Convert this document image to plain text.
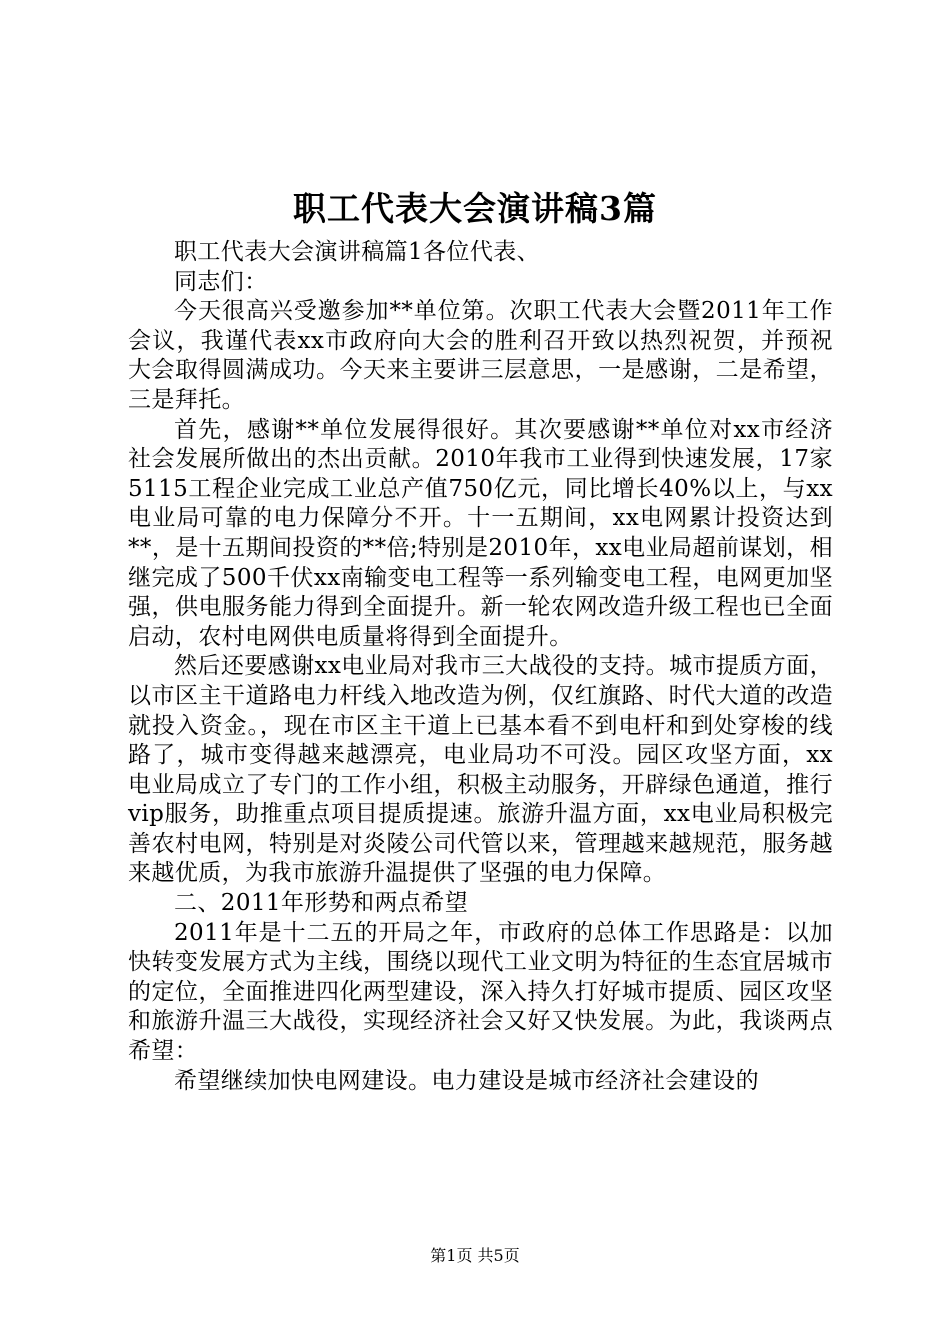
职工代表大会演讲稿3篇

职工代表大会演讲稿篇1各位代表、

同志们：

今天很高兴受邀参加**单位第。次职工代表大会暨2011年工作会议，我谨代表xx市政府向大会的胜利召开致以热烈祝贺，并预祝大会取得圆满成功。今天来主要讲三层意思，一是感谢，二是希望，三是拜托。

首先，感谢**单位发展得很好。其次要感谢**单位对xx市经济社会发展所做出的杰出贡献。2010年我市工业得到快速发展，17家5115工程企业完成工业总产值750亿元，同比增长40%以上，与xx电业局可靠的电力保障分不开。十一五期间，xx电网累计投资达到**，是十五期间投资的**倍;特别是2010年，xx电业局超前谋划，相继完成了500千伏xx南输变电工程等一系列输变电工程，电网更加坚强，供电服务能力得到全面提升。新一轮农网改造升级工程也已全面启动，农村电网供电质量将得到全面提升。

然后还要感谢xx电业局对我市三大战役的支持。城市提质方面，以市区主干道路电力杆线入地改造为例，仅红旗路、时代大道的改造就投入资金。，现在市区主干道上已基本看不到电杆和到处穿梭的线路了，城市变得越来越漂亮，电业局功不可没。园区攻坚方面，xx电业局成立了专门的工作小组，积极主动服务，开辟绿色通道，推行vip服务，助推重点项目提质提速。旅游升温方面，xx电业局积极完善农村电网，特别是对炎陵公司代管以来，管理越来越规范，服务越来越优质，为我市旅游升温提供了坚强的电力保障。

二、2011年形势和两点希望

2011年是十二五的开局之年，市政府的总体工作思路是：以加快转变发展方式为主线，围绕以现代工业文明为特征的生态宜居城市的定位，全面推进四化两型建设，深入持久打好城市提质、园区攻坚和旅游升温三大战役，实现经济社会又好又快发展。为此，我谈两点希望：

希望继续加快电网建设。电力建设是城市经济社会建设的

第1页 共5页
